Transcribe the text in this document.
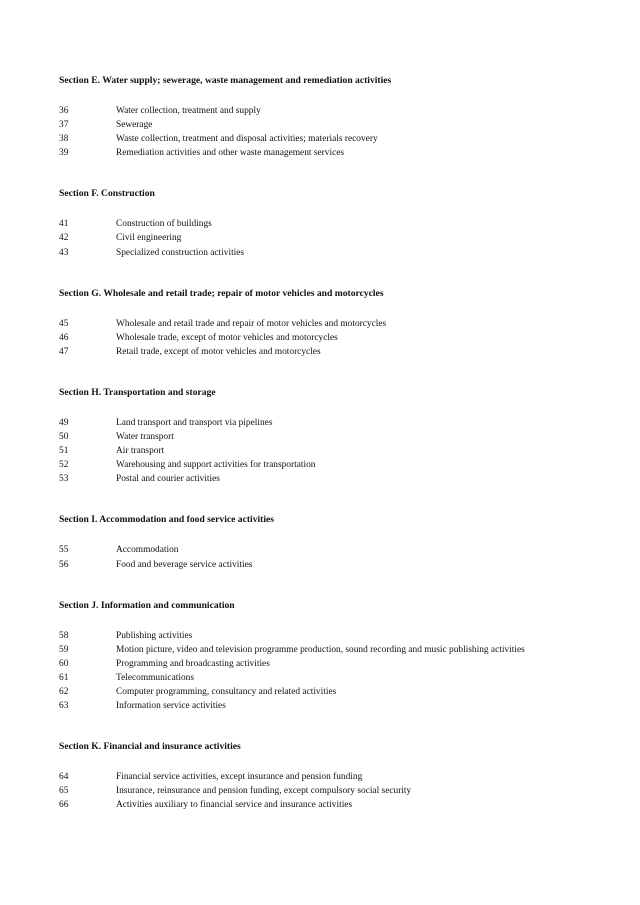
Section E. Water supply; sewerage, waste management and remediation activities
36	Water collection, treatment and supply
37	Sewerage
38	Waste collection, treatment and disposal activities; materials recovery
39	Remediation activities and other waste management services
Section F. Construction
41	Construction of buildings
42	Civil engineering
43	Specialized construction activities
Section G. Wholesale and retail trade; repair of motor vehicles and motorcycles
45	Wholesale and retail trade and repair of motor vehicles and motorcycles
46	Wholesale trade, except of motor vehicles and motorcycles
47	Retail trade, except of motor vehicles and motorcycles
Section H. Transportation and storage
49	Land transport and transport via pipelines
50	Water transport
51	Air transport
52	Warehousing and support activities for transportation
53	Postal and courier activities
Section I. Accommodation and food service activities
55	Accommodation
56	Food and beverage service activities
Section J. Information and communication
58	Publishing activities
59	Motion picture, video and television programme production, sound recording and music publishing activities
60	Programming and broadcasting activities
61	Telecommunications
62	Computer programming, consultancy and related activities
63	Information service activities
Section K. Financial and insurance activities
64	Financial service activities, except insurance and pension funding
65	Insurance, reinsurance and pension funding, except compulsory social security
66	Activities auxiliary to financial service and insurance activities
